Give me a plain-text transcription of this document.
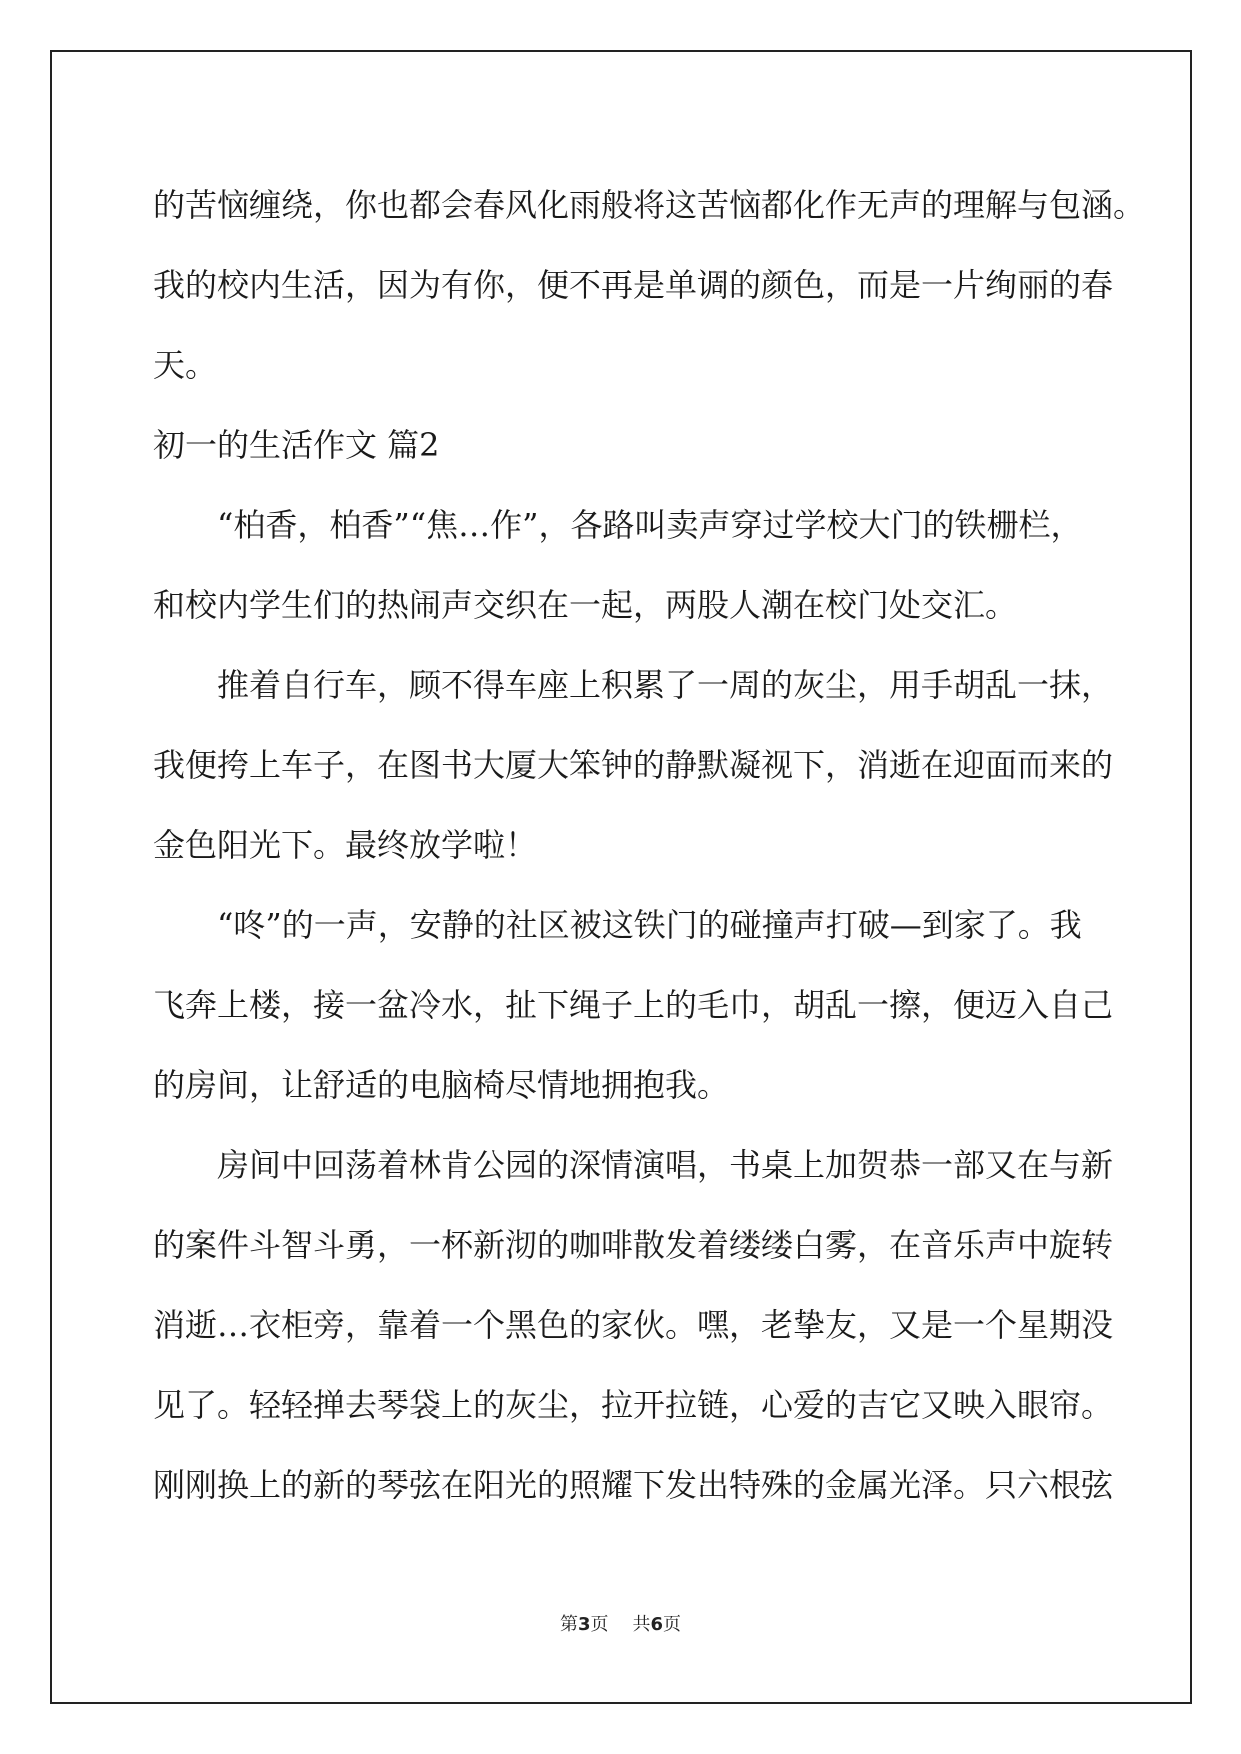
的苦恼缠绕，你也都会春风化雨般将这苦恼都化作无声的理解与包涵。
我的校内生活，因为有你，便不再是单调的颜色，而是一片绚丽的春
天。
初一的生活作文 篇2
“柏香，柏香”“焦…作”，各路叫卖声穿过学校大门的铁栅栏，
和校内学生们的热闹声交织在一起，两股人潮在校门处交汇。
推着自行车，顾不得车座上积累了一周的灰尘，用手胡乱一抹，
我便挎上车子，在图书大厦大笨钟的静默凝视下，消逝在迎面而来的
金色阳光下。最终放学啦！
“咚”的一声，安静的社区被这铁门的碰撞声打破—到家了。我
飞奔上楼，接一盆冷水，扯下绳子上的毛巾，胡乱一擦，便迈入自己
的房间，让舒适的电脑椅尽情地拥抱我。
房间中回荡着林肯公园的深情演唱，书桌上加贺恭一部又在与新
的案件斗智斗勇，一杯新沏的咖啡散发着缕缕白雾，在音乐声中旋转
消逝…衣柜旁，靠着一个黑色的家伙。嘿，老挚友，又是一个星期没
见了。轻轻掸去琴袋上的灰尘，拉开拉链，心爱的吉它又映入眼帘。
刚刚换上的新的琴弦在阳光的照耀下发出特殊的金属光泽。只六根弦
第3页 共6页
